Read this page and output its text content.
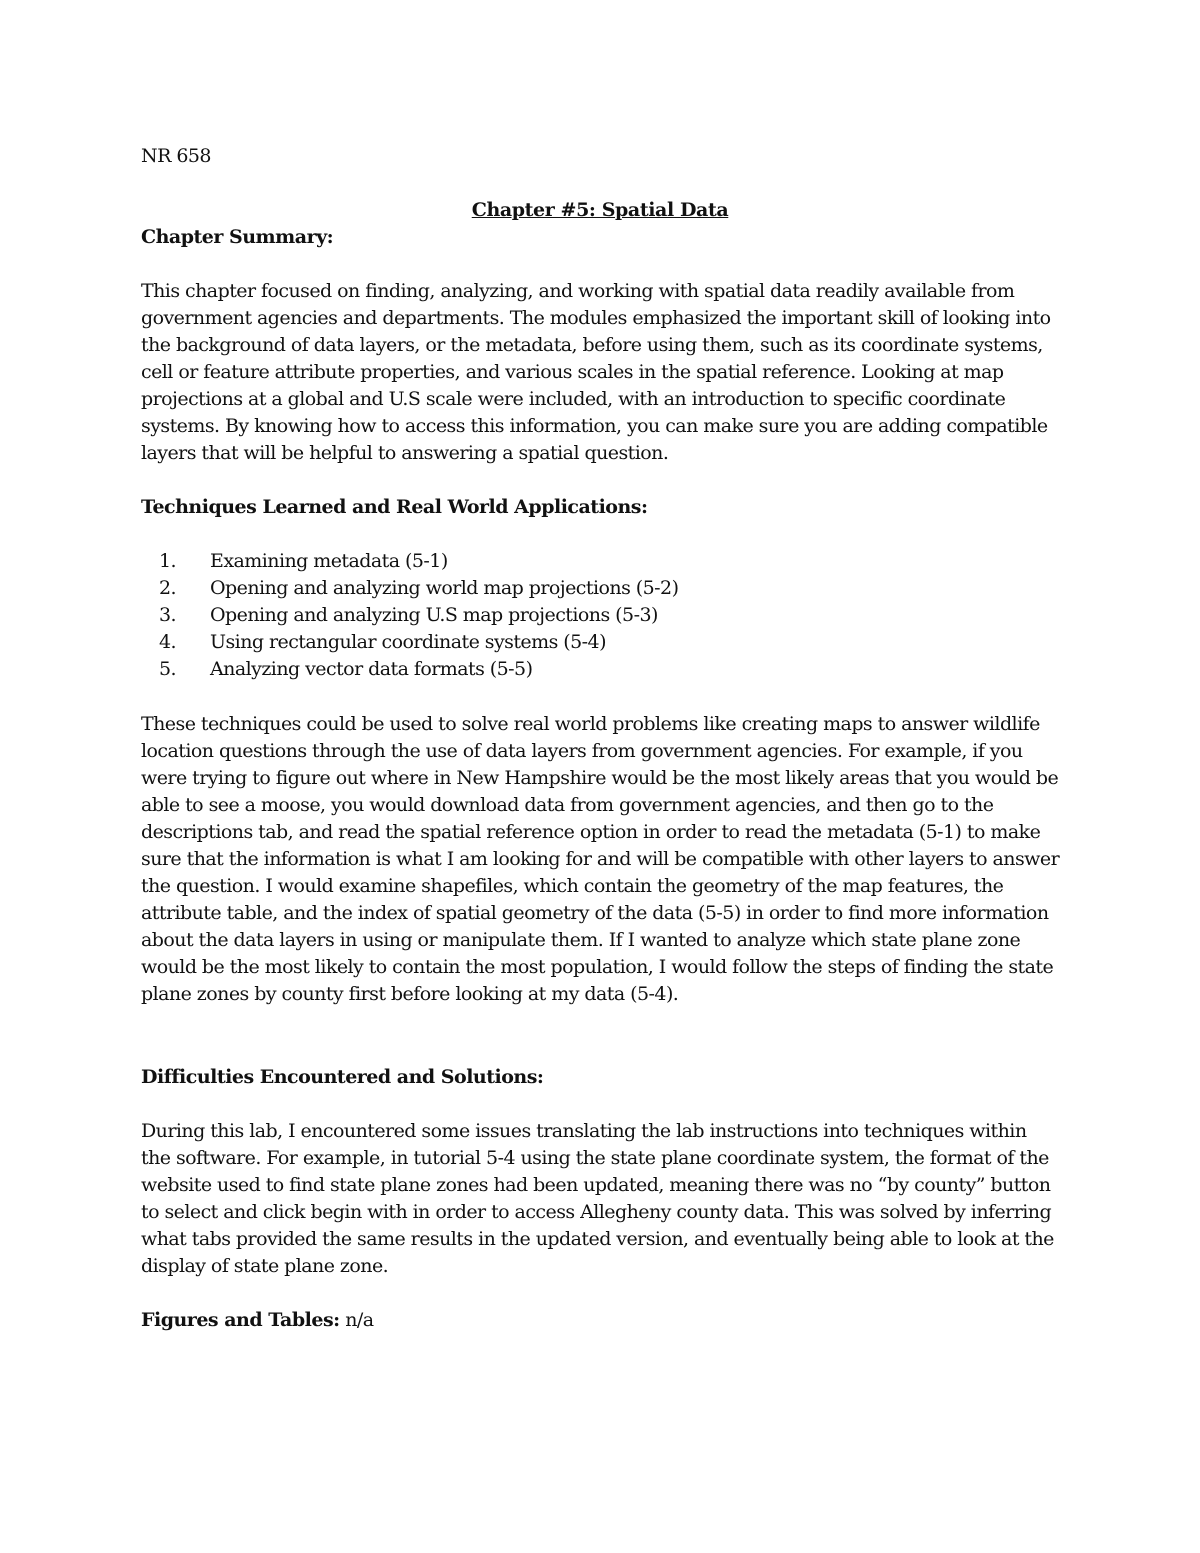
NR 658
Chapter #5: Spatial Data
Chapter Summary:
This chapter focused on finding, analyzing, and working with spatial data readily available from government agencies and departments. The modules emphasized the important skill of looking into the background of data layers, or the metadata, before using them, such as its coordinate systems, cell or feature attribute properties, and various scales in the spatial reference. Looking at map projections at a global and U.S scale were included, with an introduction to specific coordinate systems. By knowing how to access this information, you can make sure you are adding compatible layers that will be helpful to answering a spatial question.
Techniques Learned and Real World Applications:
1.	Examining metadata (5-1)
2.	Opening and analyzing world map projections (5-2)
3.	Opening and analyzing U.S map projections (5-3)
4.	Using rectangular coordinate systems (5-4)
5.	Analyzing vector data formats (5-5)
These techniques could be used to solve real world problems like creating maps to answer wildlife location questions through the use of data layers from government agencies. For example, if you were trying to figure out where in New Hampshire would be the most likely areas that you would be able to see a moose, you would download data from government agencies, and then go to the descriptions tab, and read the spatial reference option in order to read the metadata (5-1) to make sure that the information is what I am looking for and will be compatible with other layers to answer the question. I would examine shapefiles, which contain the geometry of the map features, the attribute table, and the index of spatial geometry of the data (5-5) in order to find more information about the data layers in using or manipulate them. If I wanted to analyze which state plane zone would be the most likely to contain the most population, I would follow the steps of finding the state plane zones by county first before looking at my data (5-4).
Difficulties Encountered and Solutions:
During this lab, I encountered some issues translating the lab instructions into techniques within the software. For example, in tutorial 5-4 using the state plane coordinate system, the format of the website used to find state plane zones had been updated, meaning there was no “by county” button to select and click begin with in order to access Allegheny county data. This was solved by inferring what tabs provided the same results in the updated version, and eventually being able to look at the display of state plane zone.
Figures and Tables: n/a
